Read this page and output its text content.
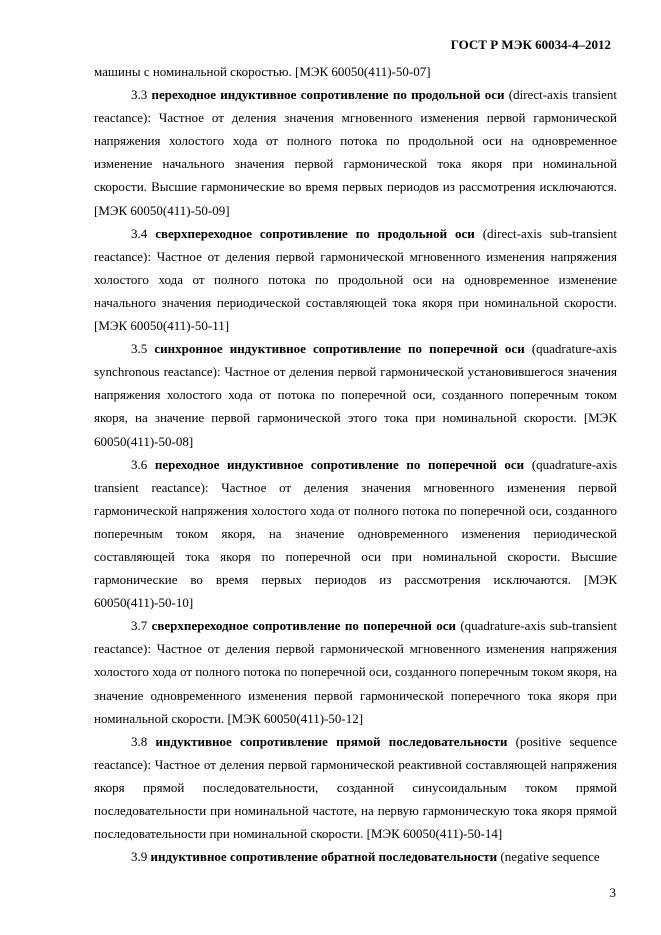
ГОСТ Р МЭК 60034-4–2012

машины с номинальной скоростью. [МЭК 60050(411)-50-07]

3.3 переходное индуктивное сопротивление по продольной оси (direct-axis transient reactance): Частное от деления значения мгновенного изменения первой гармонической напряжения холостого хода от полного потока по продольной оси на одновременное изменение начального значения первой гармонической тока якоря при номинальной скорости. Высшие гармонические во время первых периодов из рассмотрения исключаются. [МЭК 60050(411)-50-09]

3.4 сверхпереходное сопротивление по продольной оси (direct-axis sub-transient reactance): Частное от деления первой гармонической мгновенного изменения напряжения холостого хода от полного потока по продольной оси на одновременное изменение начального значения периодической составляющей тока якоря при номинальной скорости. [МЭК 60050(411)-50-11]

3.5 синхронное индуктивное сопротивление по поперечной оси (quadrature-axis synchronous reactance): Частное от деления первой гармонической установившегося значения напряжения холостого хода от потока по поперечной оси, созданного поперечным током якоря, на значение первой гармонической этого тока при номинальной скорости. [МЭК 60050(411)-50-08]

3.6 переходное индуктивное сопротивление по поперечной оси (quadrature-axis transient reactance): Частное от деления значения мгновенного изменения первой гармонической напряжения холостого хода от полного потока по поперечной оси, созданного поперечным током якоря, на значение одновременного изменения периодической составляющей тока якоря по поперечной оси при номинальной скорости. Высшие гармонические во время первых периодов из рассмотрения исключаются. [МЭК 60050(411)-50-10]

3.7 сверхпереходное сопротивление по поперечной оси (quadrature-axis sub-transient reactance): Частное от деления первой гармонической мгновенного изменения напряжения холостого хода от полного потока по поперечной оси, созданного поперечным током якоря, на значение одновременного изменения первой гармонической поперечного тока якоря при номинальной скорости. [МЭК 60050(411)-50-12]

3.8 индуктивное сопротивление прямой последовательности (positive sequence reactance): Частное от деления первой гармонической реактивной составляющей напряжения якоря прямой последовательности, созданной синусоидальным током прямой последовательности при номинальной частоте, на первую гармоническую тока якоря прямой последовательности при номинальной скорости. [МЭК 60050(411)-50-14]

3.9 индуктивное сопротивление обратной последовательности (negative sequence

3
